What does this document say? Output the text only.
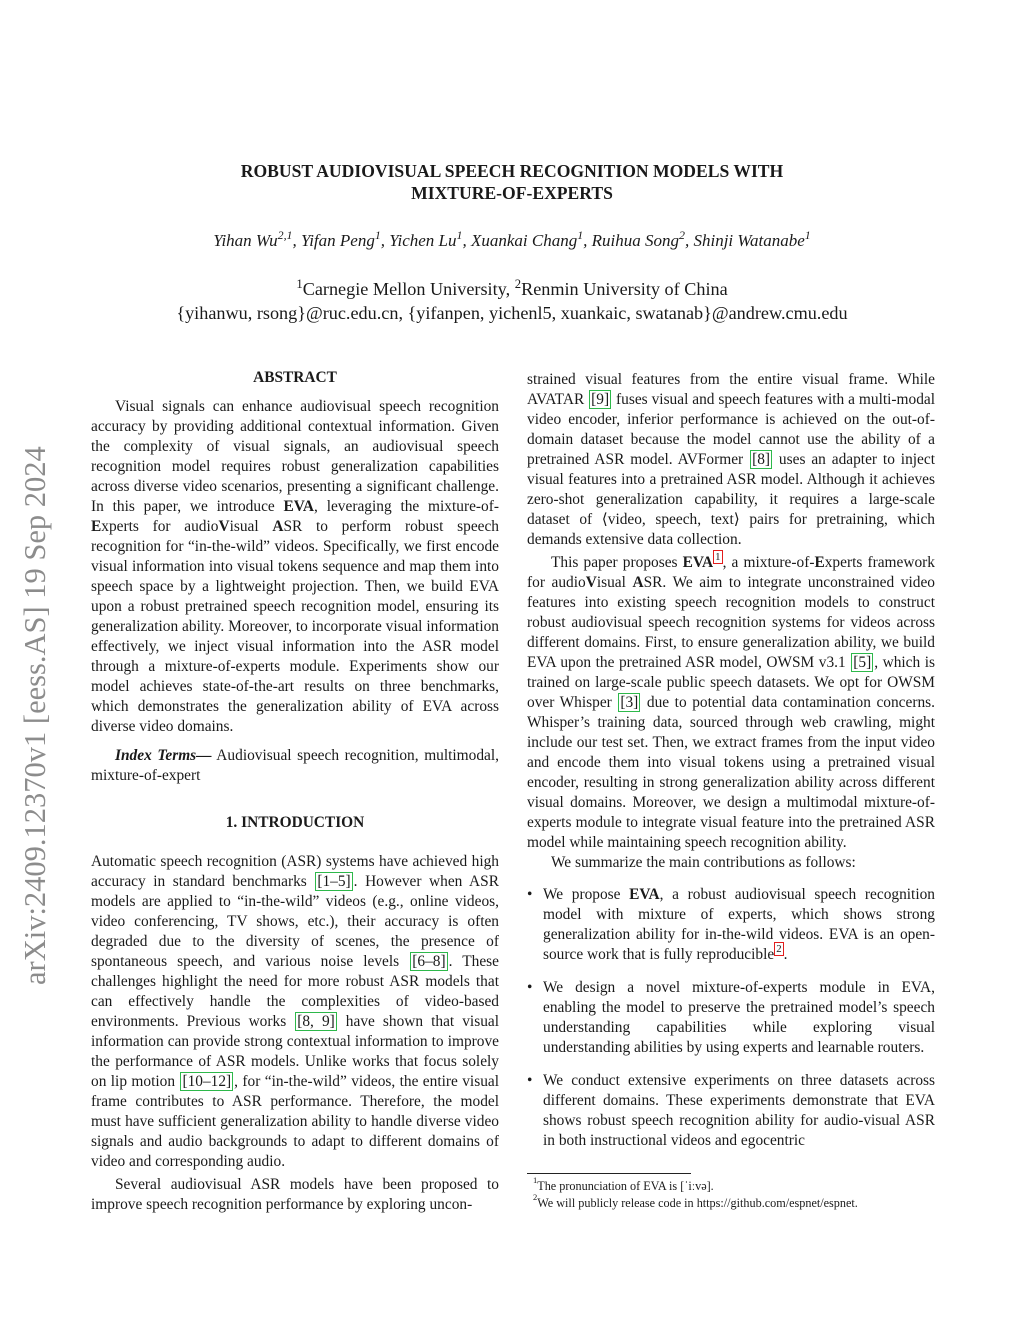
arXiv:2409.12370v1 [eess.AS] 19 Sep 2024
ROBUST AUDIOVISUAL SPEECH RECOGNITION MODELS WITH
MIXTURE-OF-EXPERTS
Yihan Wu$^{2,1}$, Yifan Peng$^1$, Yichen Lu$^1$, Xuankai Chang$^1$, Ruihua Song$^2$, Shinji Watanabe$^1$
$^1$Carnegie Mellon University, $^2$Renmin University of China
{yihanwu, rsong}@ruc.edu.cn, {yifanpen, yichenl5, xuankaic, swatanab}@andrew.cmu.edu
ABSTRACT

Visual signals can enhance audiovisual speech recognition accuracy by providing additional contextual information. Given the complexity of visual signals, an audiovisual speech recognition model requires robust generalization capabilities across diverse video scenarios, presenting a significant challenge. In this paper, we introduce EVA, leveraging the mixture-of-Experts for audioVisual ASR to perform robust speech recognition for “in-the-wild” videos. Specifically, we first encode visual information into visual tokens sequence and map them into speech space by a lightweight projection. Then, we build EVA upon a robust pretrained speech recognition model, ensuring its generalization ability. Moreover, to incorporate visual information effectively, we inject visual information into the ASR model through a mixture-of-experts module. Experiments show our model achieves state-of-the-art results on three benchmarks, which demonstrates the generalization ability of EVA across diverse video domains.

Index Terms— Audiovisual speech recognition, multimodal, mixture-of-expert

1. INTRODUCTION

Automatic speech recognition (ASR) systems have achieved high accuracy in standard benchmarks [1–5] . However when ASR models are applied to “in-the-wild” videos (e.g., online videos, video conferencing, TV shows, etc.), their accuracy is often degraded due to the diversity of scenes, the presence of spontaneous speech, and various noise levels [6–8] . These challenges highlight the need for more robust ASR models that can effectively handle the complexities of video-based environments. Previous works [8, 9] have shown that visual information can provide strong contextual information to improve the performance of ASR models. Unlike works that focus solely on lip motion [10–12] , for “in-the-wild” videos, the entire visual frame contributes to ASR performance. Therefore, the model must have sufficient generalization ability to handle diverse video signals and audio backgrounds to adapt to different domains of video and corresponding audio.

Several audiovisual ASR models have been proposed to improve speech recognition performance by exploring uncon-

strained visual features from the entire visual frame. While AVATAR [9] fuses visual and speech features with a multi-modal video encoder, inferior performance is achieved on the out-of-domain dataset because the model cannot use the ability of a pretrained ASR model. AVFormer [8] uses an adapter to inject visual features into a pretrained ASR model. Although it achieves zero-shot generalization capability, it requires a large-scale dataset of ⟨video, speech, text⟩ pairs for pretraining, which demands extensive data collection.

This paper proposes EVA $^1$ , a mixture-of-Experts framework for audioVisual ASR. We aim to integrate unconstrained video features into existing speech recognition models to construct robust audiovisual speech recognition systems for videos across different domains. First, to ensure generalization ability, we build EVA upon the pretrained ASR model, OWSM v3.1 [5] , which is trained on large-scale public speech datasets. We opt for OWSM over Whisper [3] due to potential data contamination concerns. Whisper’s training data, sourced through web crawling, might include our test set. Then, we extract frames from the input video and encode them into visual tokens using a pretrained visual encoder, resulting in strong generalization ability across different visual domains. Moreover, we design a multimodal mixture-of-experts module to integrate visual feature into the pretrained ASR model while maintaining speech recognition ability.

We summarize the main contributions as follows:

• We propose EVA, a robust audiovisual speech recognition model with mixture of experts, which shows strong generalization ability for in-the-wild videos. EVA is an open-source work that is fully reproducible $^2$ .
• We design a novel mixture-of-experts module in EVA, enabling the model to preserve the pretrained model’s speech understanding capabilities while exploring visual understanding abilities by using experts and learnable routers.
• We conduct extensive experiments on three datasets across different domains. These experiments demonstrate that EVA shows robust speech recognition ability for audio-visual ASR in both instructional videos and egocentric
$^1$The pronunciation of EVA is [ˈiːvə].
$^2$We will publicly release code in https://github.com/espnet/espnet.
